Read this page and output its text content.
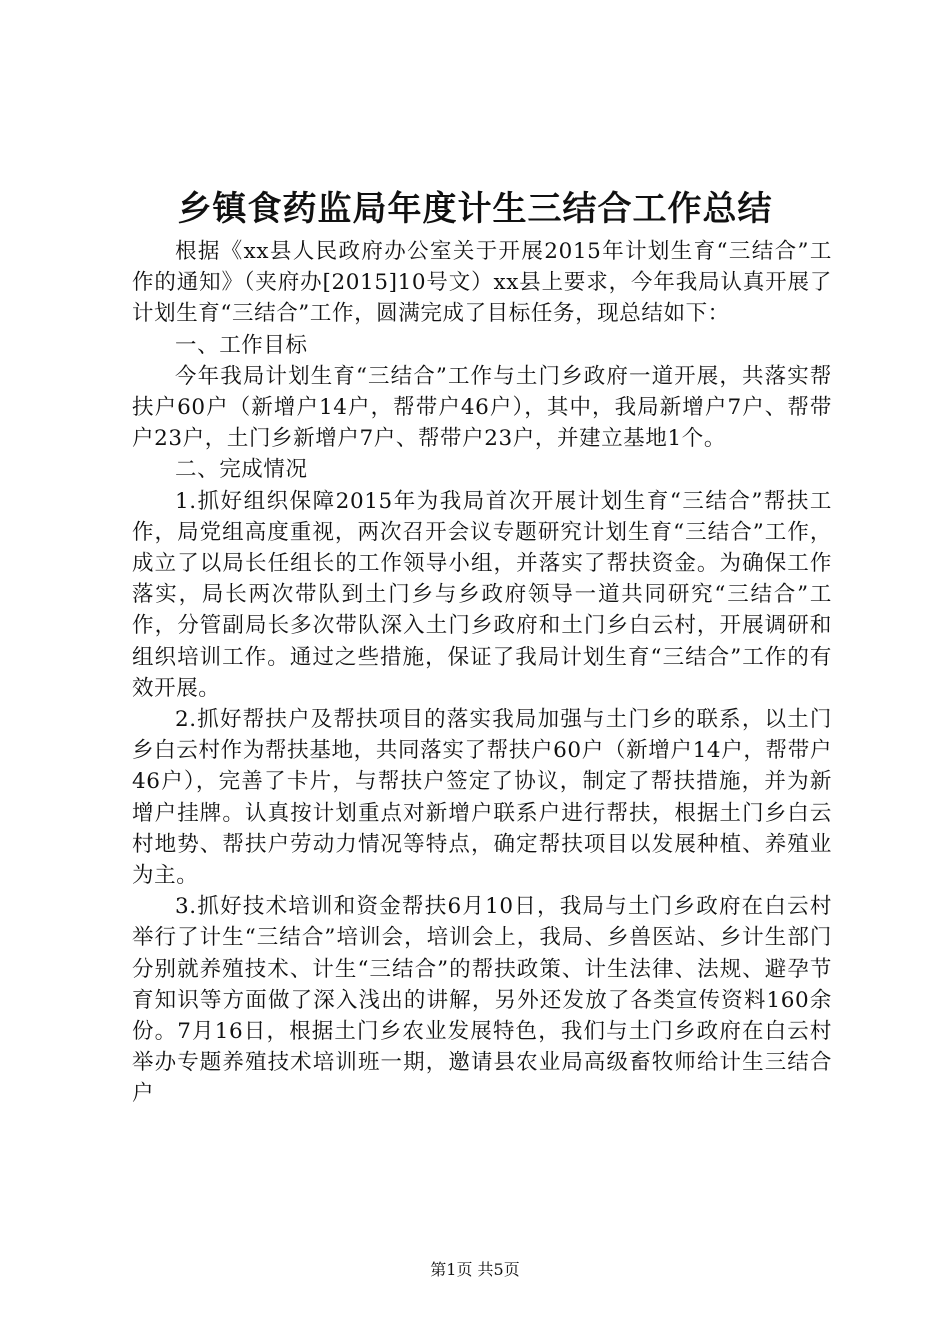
乡镇食药监局年度计生三结合工作总结

根据《xx县人民政府办公室关于开展2015年计划生育“三结合”工作的通知》（夹府办[2015]10号文）xx县上要求，今年我局认真开展了计划生育“三结合”工作，圆满完成了目标任务，现总结如下：

一、工作目标

今年我局计划生育“三结合”工作与土门乡政府一道开展，共落实帮扶户60户（新增户14户，帮带户46户），其中，我局新增户7户、帮带户23户，土门乡新增户7户、帮带户23户，并建立基地1个。

二、完成情况

1.抓好组织保障2015年为我局首次开展计划生育“三结合”帮扶工作，局党组高度重视，两次召开会议专题研究计划生育“三结合”工作，成立了以局长任组长的工作领导小组，并落实了帮扶资金。为确保工作落实，局长两次带队到土门乡与乡政府领导一道共同研究“三结合”工作，分管副局长多次带队深入土门乡政府和土门乡白云村，开展调研和组织培训工作。通过之些措施，保证了我局计划生育“三结合”工作的有效开展。

2.抓好帮扶户及帮扶项目的落实我局加强与土门乡的联系，以土门乡白云村作为帮扶基地，共同落实了帮扶户60户（新增户14户，帮带户46户），完善了卡片，与帮扶户签定了协议，制定了帮扶措施，并为新增户挂牌。认真按计划重点对新增户联系户进行帮扶，根据土门乡白云村地势、帮扶户劳动力情况等特点，确定帮扶项目以发展种植、养殖业为主。

3.抓好技术培训和资金帮扶6月10日，我局与土门乡政府在白云村举行了计生“三结合”培训会，培训会上，我局、乡兽医站、乡计生部门分别就养殖技术、计生“三结合”的帮扶政策、计生法律、法规、避孕节育知识等方面做了深入浅出的讲解，另外还发放了各类宣传资料160余份。7月16日，根据土门乡农业发展特色，我们与土门乡政府在白云村举办专题养殖技术培训班一期，邀请县农业局高级畜牧师给计生三结合户

第1页 共5页
